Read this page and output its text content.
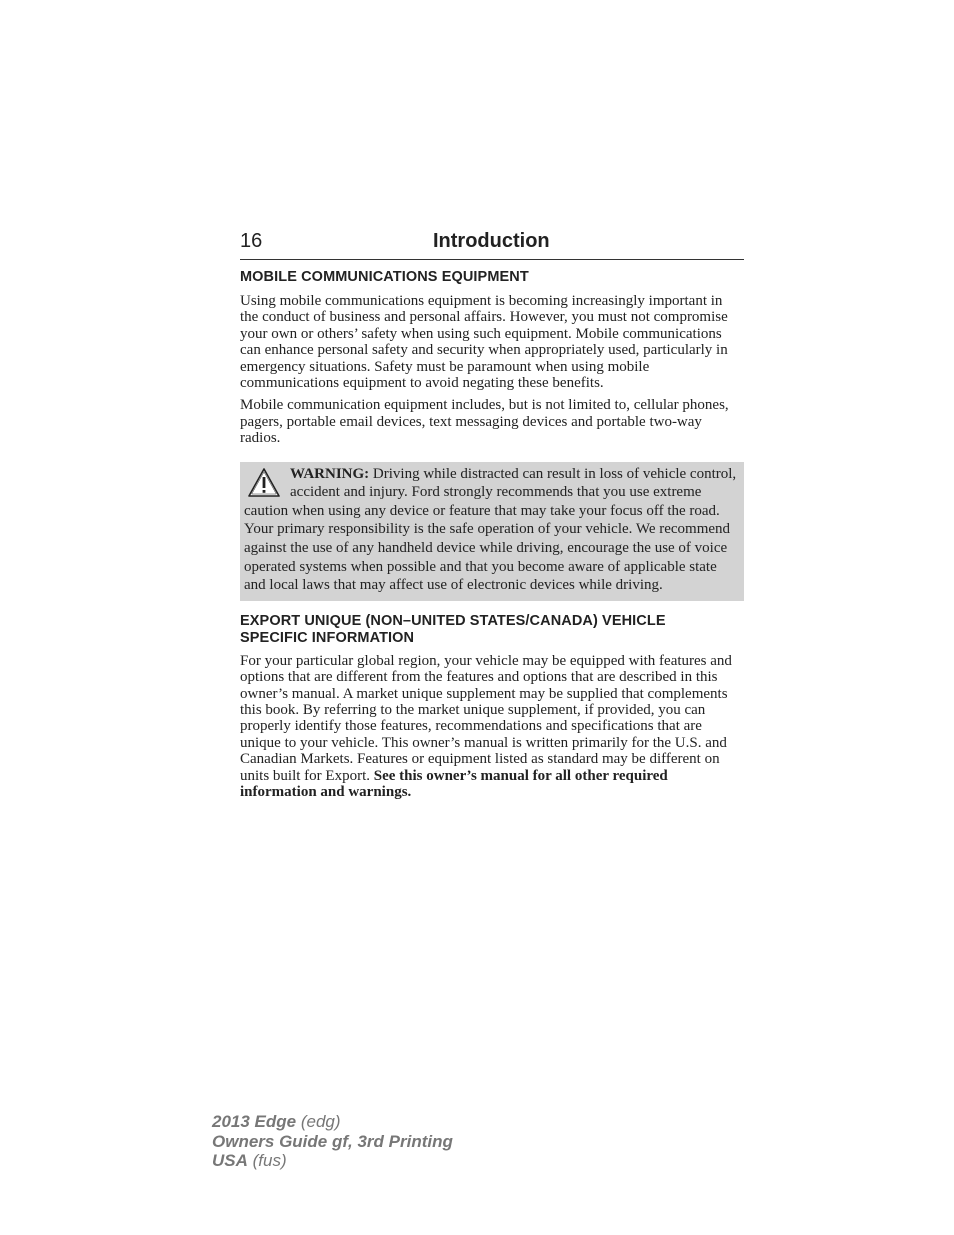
16	Introduction
MOBILE COMMUNICATIONS EQUIPMENT

Using mobile communications equipment is becoming increasingly important in the conduct of business and personal affairs. However, you must not compromise your own or others’ safety when using such equipment. Mobile communications can enhance personal safety and security when appropriately used, particularly in emergency situations. Safety must be paramount when using mobile communications equipment to avoid negating these benefits.

Mobile communication equipment includes, but is not limited to, cellular phones, pagers, portable email devices, text messaging devices and portable two-way radios.

WARNING: Driving while distracted can result in loss of vehicle control, accident and injury. Ford strongly recommends that you use extreme caution when using any device or feature that may take your focus off the road. Your primary responsibility is the safe operation of your vehicle. We recommend against the use of any handheld device while driving, encourage the use of voice operated systems when possible and that you become aware of applicable state and local laws that may affect use of electronic devices while driving.
EXPORT UNIQUE (NON–UNITED STATES/CANADA) VEHICLE
SPECIFIC INFORMATION

For your particular global region, your vehicle may be equipped with features and options that are different from the features and options that are described in this owner’s manual. A market unique supplement may be supplied that complements this book. By referring to the market unique supplement, if provided, you can properly identify those features, recommendations and specifications that are unique to your vehicle. This owner’s manual is written primarily for the U.S. and Canadian Markets. Features or equipment listed as standard may be different on units built for Export. See this owner’s manual for all other required information and warnings.

2013 Edge (edg)
Owners Guide gf, 3rd Printing
USA (fus)
